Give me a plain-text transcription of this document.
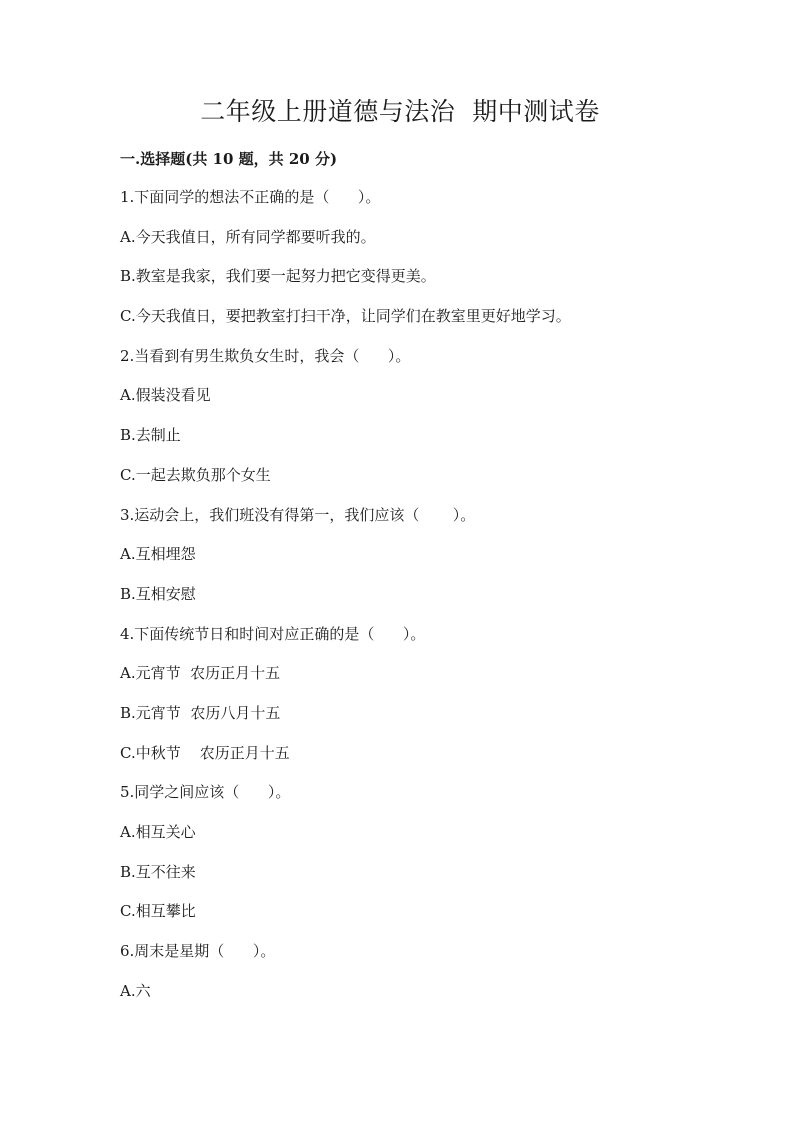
二年级上册道德与法治  期中测试卷
一.选择题(共 10 题，共 20 分)
1.下面同学的想法不正确的是（      ）。
A.今天我值日，所有同学都要听我的。
B.教室是我家，我们要一起努力把它变得更美。
C.今天我值日，要把教室打扫干净，让同学们在教室里更好地学习。
2.当看到有男生欺负女生时，我会（      ）。
A.假装没看见
B.去制止
C.一起去欺负那个女生
3.运动会上，我们班没有得第一，我们应该（       ）。
A.互相埋怨
B.互相安慰
4.下面传统节日和时间对应正确的是（      ）。
A.元宵节  农历正月十五
B.元宵节  农历八月十五
C.中秋节    农历正月十五
5.同学之间应该（      ）。
A.相互关心
B.互不往来
C.相互攀比
6.周末是星期（      ）。
A.六
